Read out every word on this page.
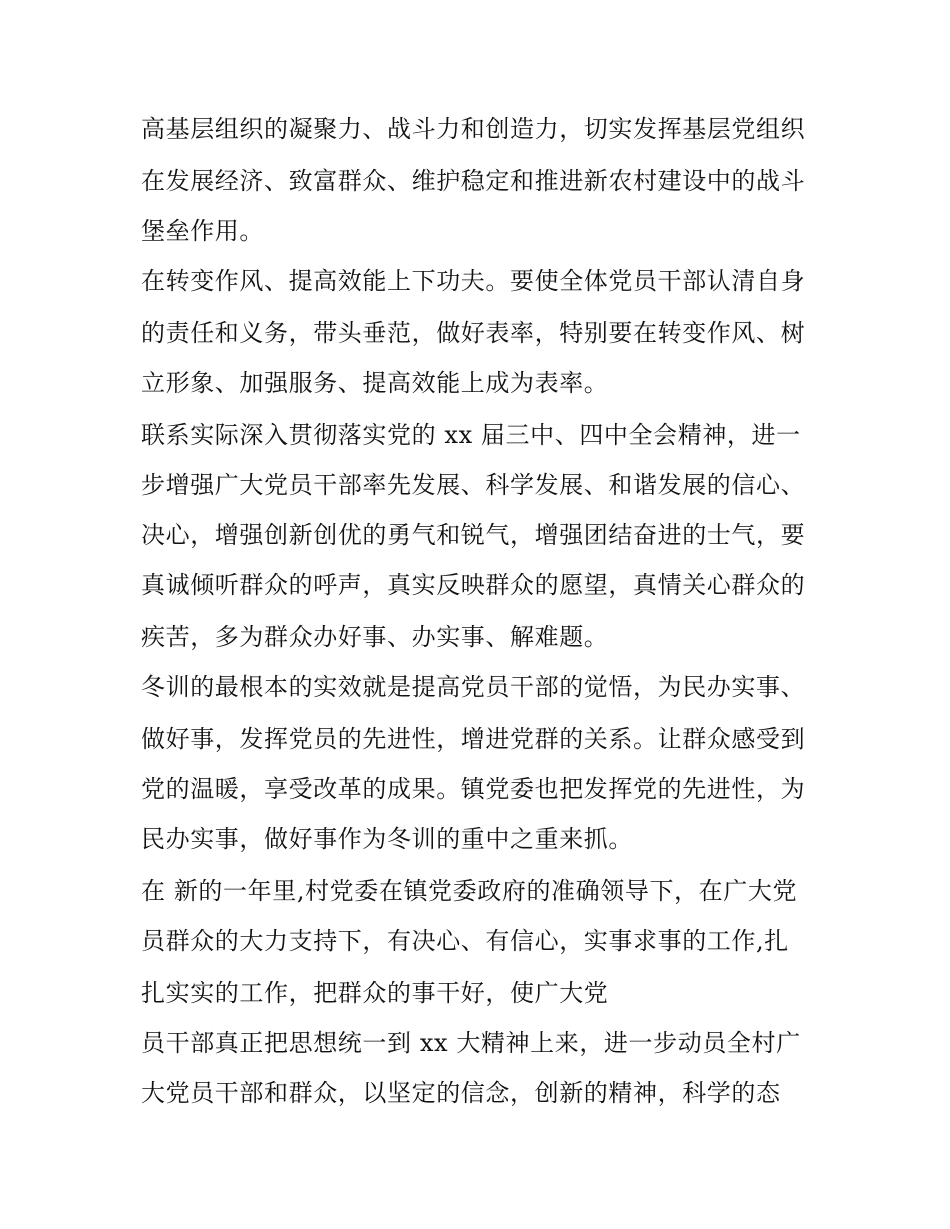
高基层组织的凝聚力、战斗力和创造力，切实发挥基层党组织
在发展经济、致富群众、维护稳定和推进新农村建设中的战斗
堡垒作用。
在转变作风、提高效能上下功夫。要使全体党员干部认清自身
的责任和义务，带头垂范，做好表率，特别要在转变作风、树
立形象、加强服务、提高效能上成为表率。
联系实际深入贯彻落实党的 xx 届三中、四中全会精神，进一
步增强广大党员干部率先发展、科学发展、和谐发展的信心、
决心，增强创新创优的勇气和锐气，增强团结奋进的士气，要
真诚倾听群众的呼声，真实反映群众的愿望，真情关心群众的
疾苦，多为群众办好事、办实事、解难题。
冬训的最根本的实效就是提高党员干部的觉悟，为民办实事、
做好事，发挥党员的先进性，增进党群的关系。让群众感受到
党的温暖，享受改革的成果。镇党委也把发挥党的先进性，为
民办实事，做好事作为冬训的重中之重来抓。
在 新的一年里,村党委在镇党委政府的准确领导下，在广大党
员群众的大力支持下，有决心、有信心，实事求事的工作,扎
扎实实的工作，把群众的事干好，使广大党
员干部真正把思想统一到 xx 大精神上来，进一步动员全村广
大党员干部和群众，以坚定的信念，创新的精神，科学的态
